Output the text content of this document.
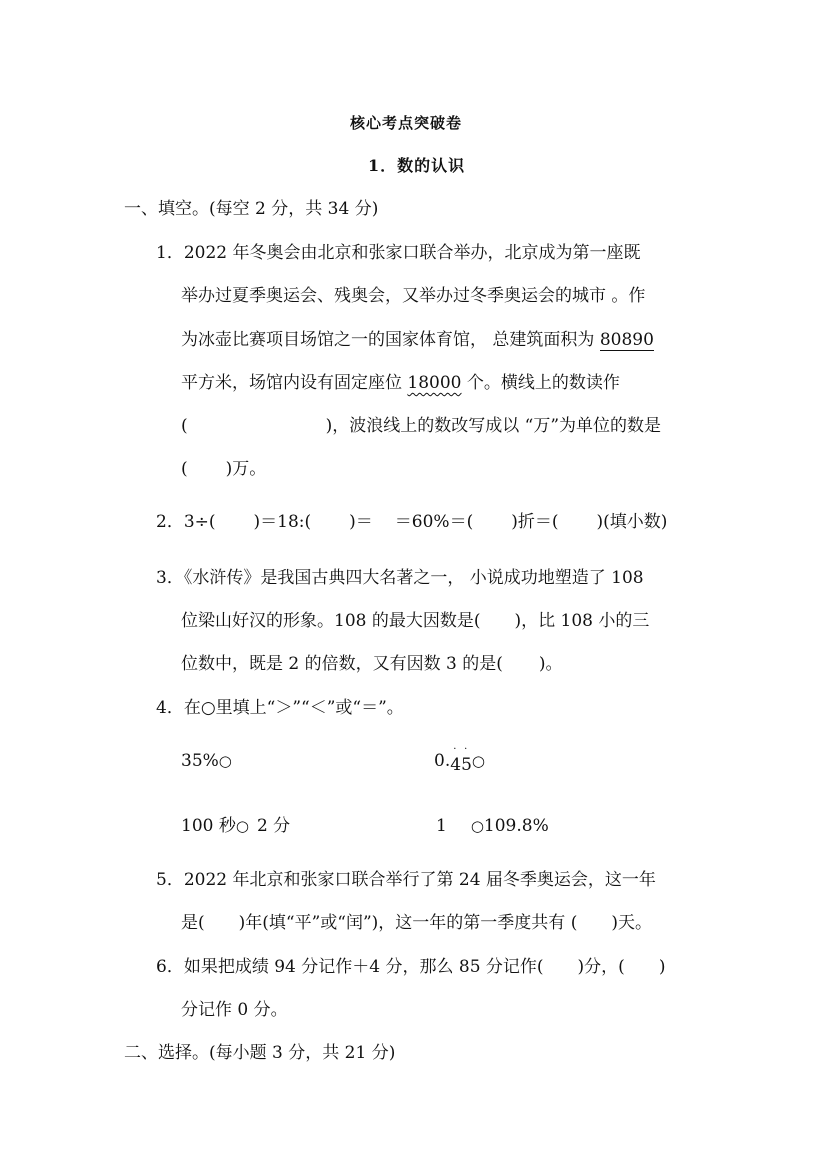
核心考点突破卷
1．数的认识
一、填空。(每空 2 分，共 34 分)
1．2022 年冬奥会由北京和张家口联合举办，北京成为第一座既
举办过夏季奥运会、残奥会，又举办过冬季奥运会的城市 。作
为冰壶比赛项目场馆之一的国家体育馆， 总建筑面积为 80890
平方米，场馆内设有固定座位 18000 个。横线上的数读作
(	)，波浪线上的数改写成以 “万”为单位的数是
( )万。
2．3÷( )＝18:( )＝ ＝60%＝( )折＝( )(填小数)
3．《水浒传》是我国古典四大名著之一， 小说成功地塑造了 108
位梁山好汉的形象。108 的最大因数是( )，比 108 小的三
位数中，既是 2 的倍数，又有因数 3 的是( )。
4．在○里填上“＞”“＜”或“＝”。
35%○	0.
·
4
·
5○
100 秒○ 2 分	1 ○109.8%
5．2022 年北京和张家口联合举行了第 24 届冬季奥运会，这一年
是( )年(填“平”或“闰”)，这一年的第一季度共有 ( )天。
6．如果把成绩 94 分记作＋4 分，那么 85 分记作( )分，( )
分记作 0 分。
二、选择。(每小题 3 分，共 21 分)
